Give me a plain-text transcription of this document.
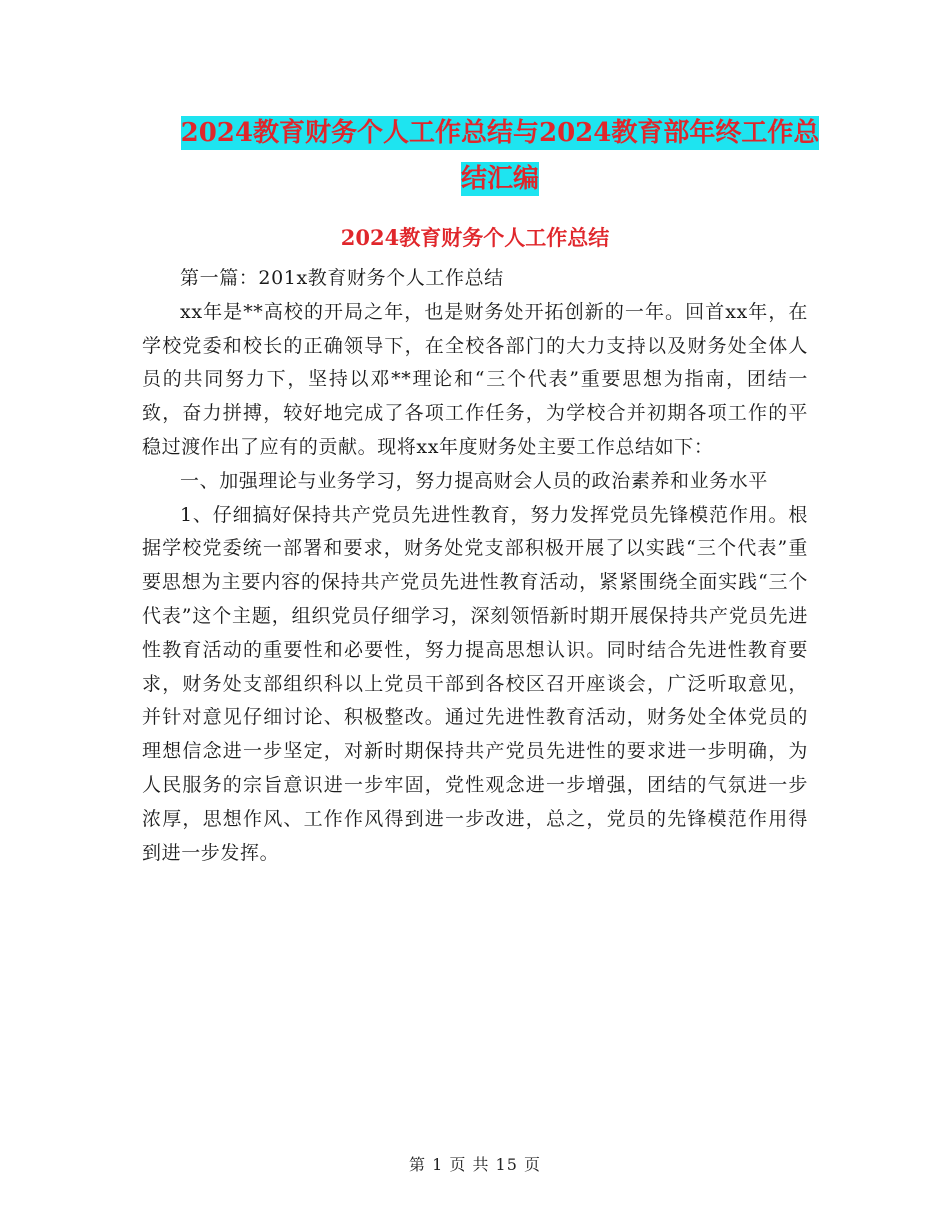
2024教育财务个人工作总结与2024教育部年终工作总
结汇编
2024教育财务个人工作总结

第一篇：201x教育财务个人工作总结

xx年是**高校的开局之年，也是财务处开拓创新的一年。回首xx年，在学校党委和校长的正确领导下，在全校各部门的大力支持以及财务处全体人员的共同努力下，坚持以邓**理论和“三个代表”重要思想为指南，团结一致，奋力拼搏，较好地完成了各项工作任务，为学校合并初期各项工作的平稳过渡作出了应有的贡献。现将xx年度财务处主要工作总结如下：

一、加强理论与业务学习，努力提高财会人员的政治素养和业务水平

1、仔细搞好保持共产党员先进性教育，努力发挥党员先锋模范作用。根据学校党委统一部署和要求，财务处党支部积极开展了以实践“三个代表”重要思想为主要内容的保持共产党员先进性教育活动，紧紧围绕全面实践“三个代表”这个主题，组织党员仔细学习，深刻领悟新时期开展保持共产党员先进性教育活动的重要性和必要性，努力提高思想认识。同时结合先进性教育要求，财务处支部组织科以上党员干部到各校区召开座谈会，广泛听取意见，并针对意见仔细讨论、积极整改。通过先进性教育活动，财务处全体党员的理想信念进一步坚定，对新时期保持共产党员先进性的要求进一步明确，为人民服务的宗旨意识进一步牢固，党性观念进一步增强，团结的气氛进一步浓厚，思想作风、工作作风得到进一步改进，总之，党员的先锋模范作用得到进一步发挥。

第 1 页 共 15 页
